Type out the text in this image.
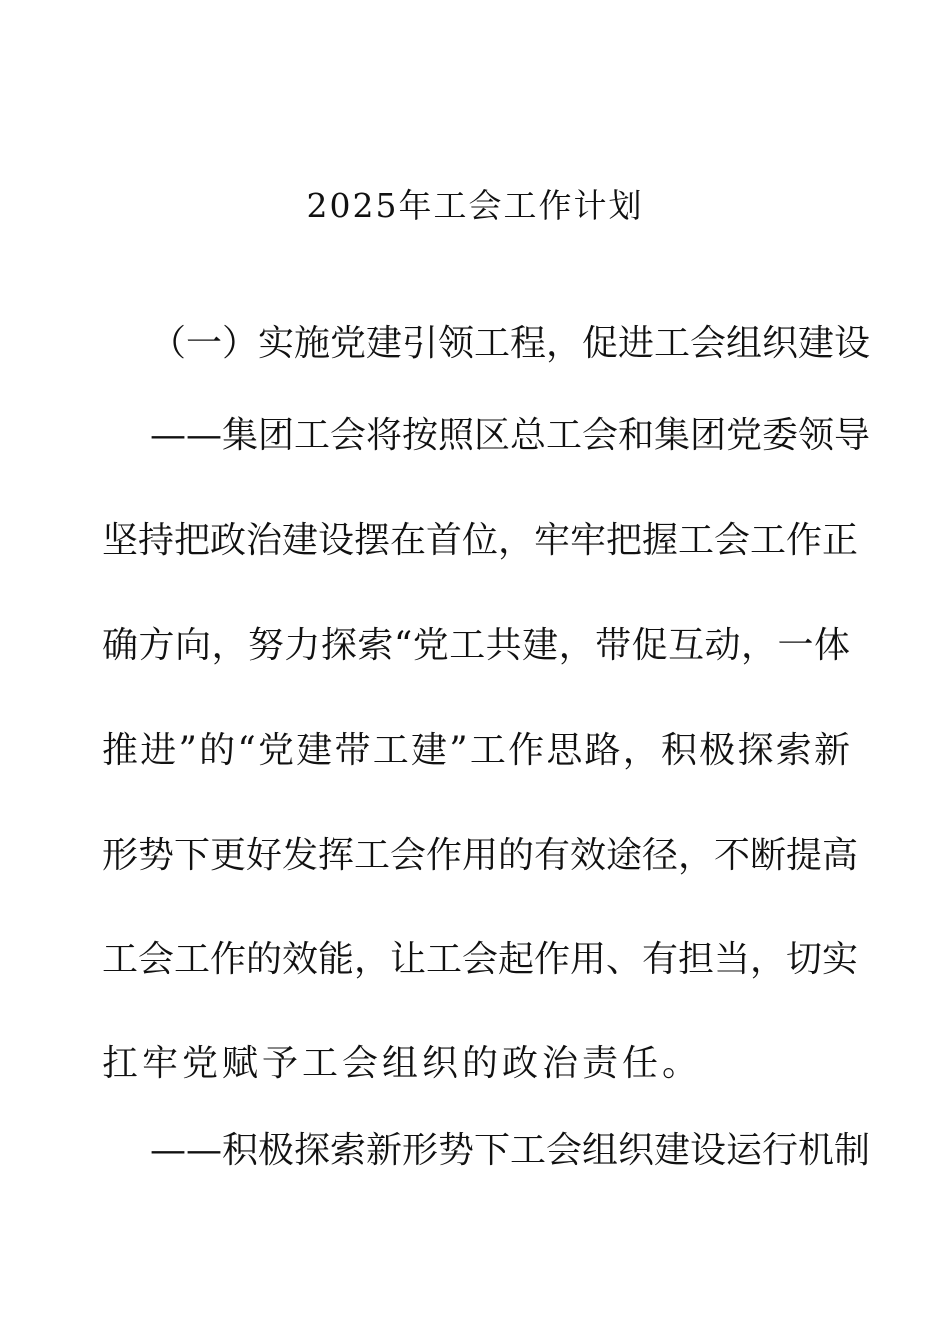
2025年工会工作计划
（一）实施党建引领工程，促进工会组织建设
——集团工会将按照区总工会和集团党委领导
坚持把政治建设摆在首位，牢牢把握工会工作正
确方向，努力探索“党工共建，带促互动，一体
推进”的“党建带工建”工作思路，积极探索新
形势下更好发挥工会作用的有效途径，不断提高
工会工作的效能，让工会起作用、有担当，切实
扛牢党赋予工会组织的政治责任。
——积极探索新形势下工会组织建设运行机制
